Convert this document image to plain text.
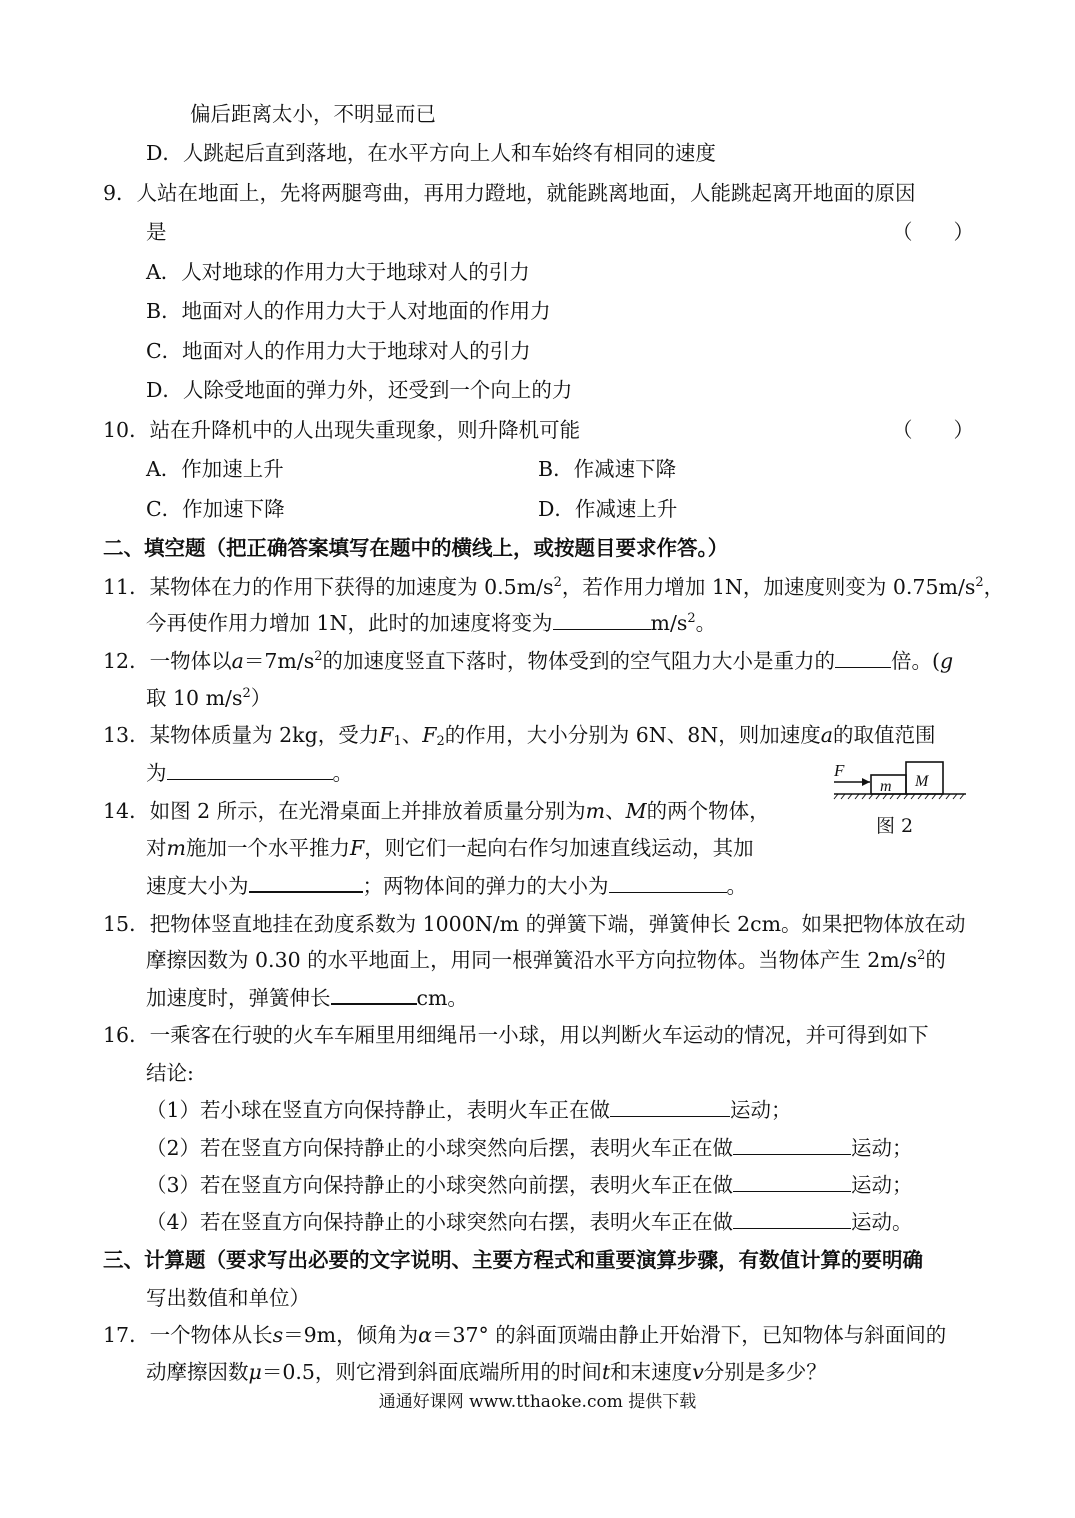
偏后距离太小，不明显而已
D．人跳起后直到落地，在水平方向上人和车始终有相同的速度
9．人站在地面上，先将两腿弯曲，再用力蹬地，就能跳离地面，人能跳起离开地面的原因
是	（　　）
A．人对地球的作用力大于地球对人的引力
B．地面对人的作用力大于人对地面的作用力
C．地面对人的作用力大于地球对人的引力
D．人除受地面的弹力外，还受到一个向上的力
10．站在升降机中的人出现失重现象，则升降机可能	（　　）
A．作加速上升	B．作减速下降
C．作加速下降	D．作减速上升
二、填空题（把正确答案填写在题中的横线上，或按题目要求作答。）
11．某物体在力的作用下获得的加速度为 $0.5m/s^2$，若作用力增加 1N，加速度则变为 $0.75m/s^2$，
今再使作用力增加 1N，此时的加速度将变为	$m/s^2$。
12．一物体以$a=7m/s^2$的加速度竖直下落时，物体受到的空气阻力大小是重力的	倍。(g
取 10 $m/s^2$）
13．某物体质量为 2kg，受力$F_1$、$F_2$的作用，大小分别为 6N、8N，则加速度a的取值范围
为	。	F
m M
图 2
14．如图 2 所示，在光滑桌面上并排放着质量分别为m、M的两个物体，
对m施加一个水平推力F，则它们一起向右作匀加速直线运动，其加
速度大小为	；两物体间的弹力的大小为	。
15．把物体竖直地挂在劲度系数为 1000N/m 的弹簧下端，弹簧伸长 2cm。如果把物体放在动
摩擦因数为 0.30 的水平地面上，用同一根弹簧沿水平方向拉物体。当物体产生 $2m/s^2$的
加速度时，弹簧伸长	cm。
16．一乘客在行驶的火车车厢里用细绳吊一小球，用以判断火车运动的情况，并可得到如下
结论:
（1）若小球在竖直方向保持静止，表明火车正在做	运动；
（2）若在竖直方向保持静止的小球突然向后摆，表明火车正在做	运动；
（3）若在竖直方向保持静止的小球突然向前摆，表明火车正在做	运动；
（4）若在竖直方向保持静止的小球突然向右摆，表明火车正在做	运动。
三、计算题（要求写出必要的文字说明、主要方程式和重要演算步骤，有数值计算的要明确
写出数值和单位）
17．一个物体从长s＝9m，倾角为α＝37° 的斜面顶端由静止开始滑下，已知物体与斜面间的
动摩擦因数μ＝0.5，则它滑到斜面底端所用的时间t和末速度v分别是多少？
通通好课网 www.tthaoke.com 提供下载
